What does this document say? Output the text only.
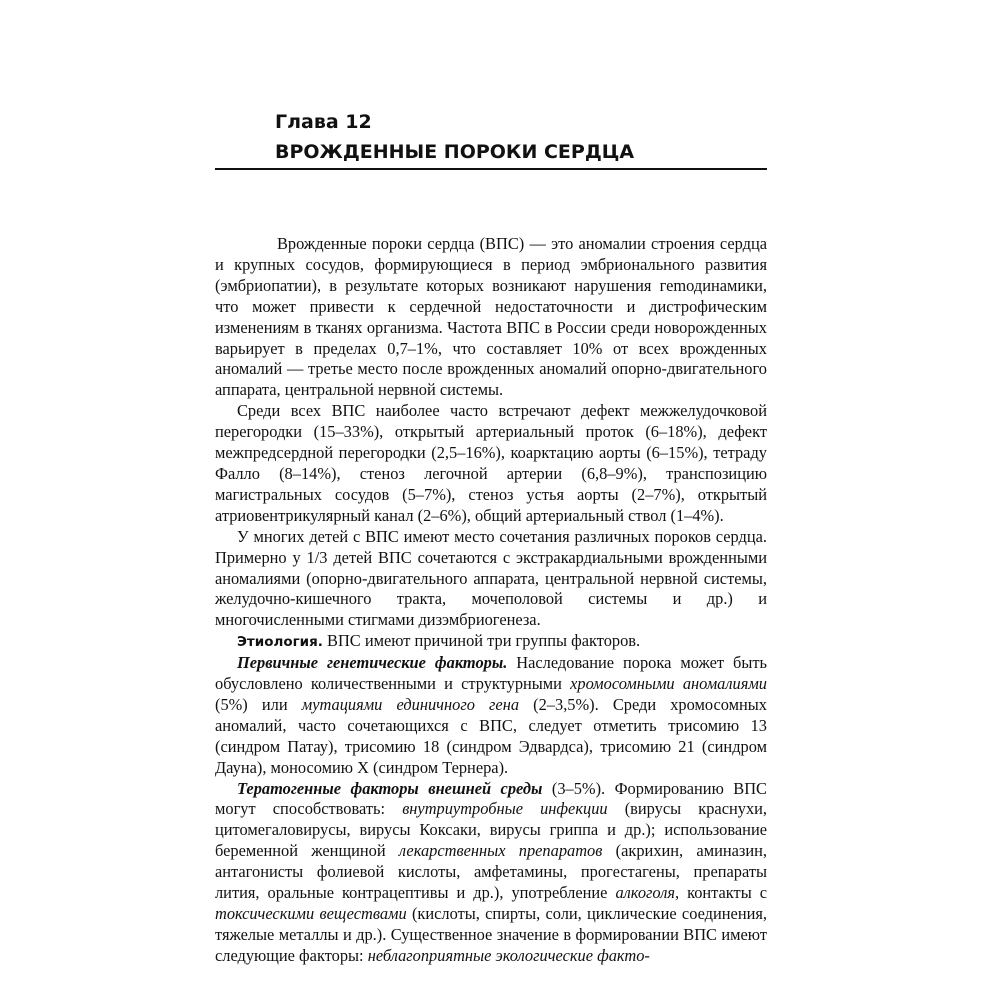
Глава 12
ВРОЖДЕННЫЕ ПОРОКИ СЕРДЦА

Врожденные пороки сердца (ВПС) — это аномалии строения сердца и крупных сосудов, формирующиеся в период эмбрионального развития (эмбриопатии), в результате которых возникают нарушения геmодинамики, что может привести к сердечной недостаточности и дистрофическим изменениям в тканях организма. Частота ВПС в России среди новорожденных варьирует в пределах 0,7–1%, что составляет 10% от всех врожденных аномалий — третье место после врожденных аномалий опорно-двигательного аппарата, центральной нервной системы.

Среди всех ВПС наиболее часто встречают дефект межжелудочковой перегородки (15–33%), открытый артериальный проток (6–18%), дефект межпредсердной перегородки (2,5–16%), коарктацию аорты (6–15%), тетраду Фалло (8–14%), стеноз легочной артерии (6,8–9%), транспозицию магистральных сосудов (5–7%), стеноз устья аорты (2–7%), открытый атриовентрикулярный канал (2–6%), общий артериальный ствол (1–4%).

У многих детей с ВПС имеют место сочетания различных пороков сердца. Примерно у 1/3 детей ВПС сочетаются с экстракардиальными врожденными аномалиями (опорно-двигательного аппарата, центральной нервной системы, желудочно-кишечного тракта, мочеполовой системы и др.) и многочисленными стигмами дизэмбриогенеза.

Этиология. ВПС имеют причиной три группы факторов.

Первичные генетические факторы. Наследование порока может быть обусловлено количественными и структурными хромосомными аномалиями (5%) или мутациями единичного гена (2–3,5%). Среди хромосомных аномалий, часто сочетающихся с ВПС, следует отметить трисомию 13 (синдром Патау), трисомию 18 (синдром Эдвардса), трисомию 21 (синдром Дауна), моносомию X (синдром Тернера).

Тератогенные факторы внешней среды (3–5%). Формированию ВПС могут способствовать: внутриутробные инфекции (вирусы краснухи, цитомегаловирусы, вирусы Коксаки, вирусы гриппа и др.); использование беременной женщиной лекарственных препаратов (акрихин, аминазин, антагонисты фолиевой кислоты, амфетамины, прогестагены, препараты лития, оральные контрацептивы и др.), употребление алкоголя, контакты с токсическими веществами (кислоты, спирты, соли, циклические соединения, тяжелые металлы и др.). Существенное значение в формировании ВПС имеют следующие факторы: неблагоприятные экологические факто-
